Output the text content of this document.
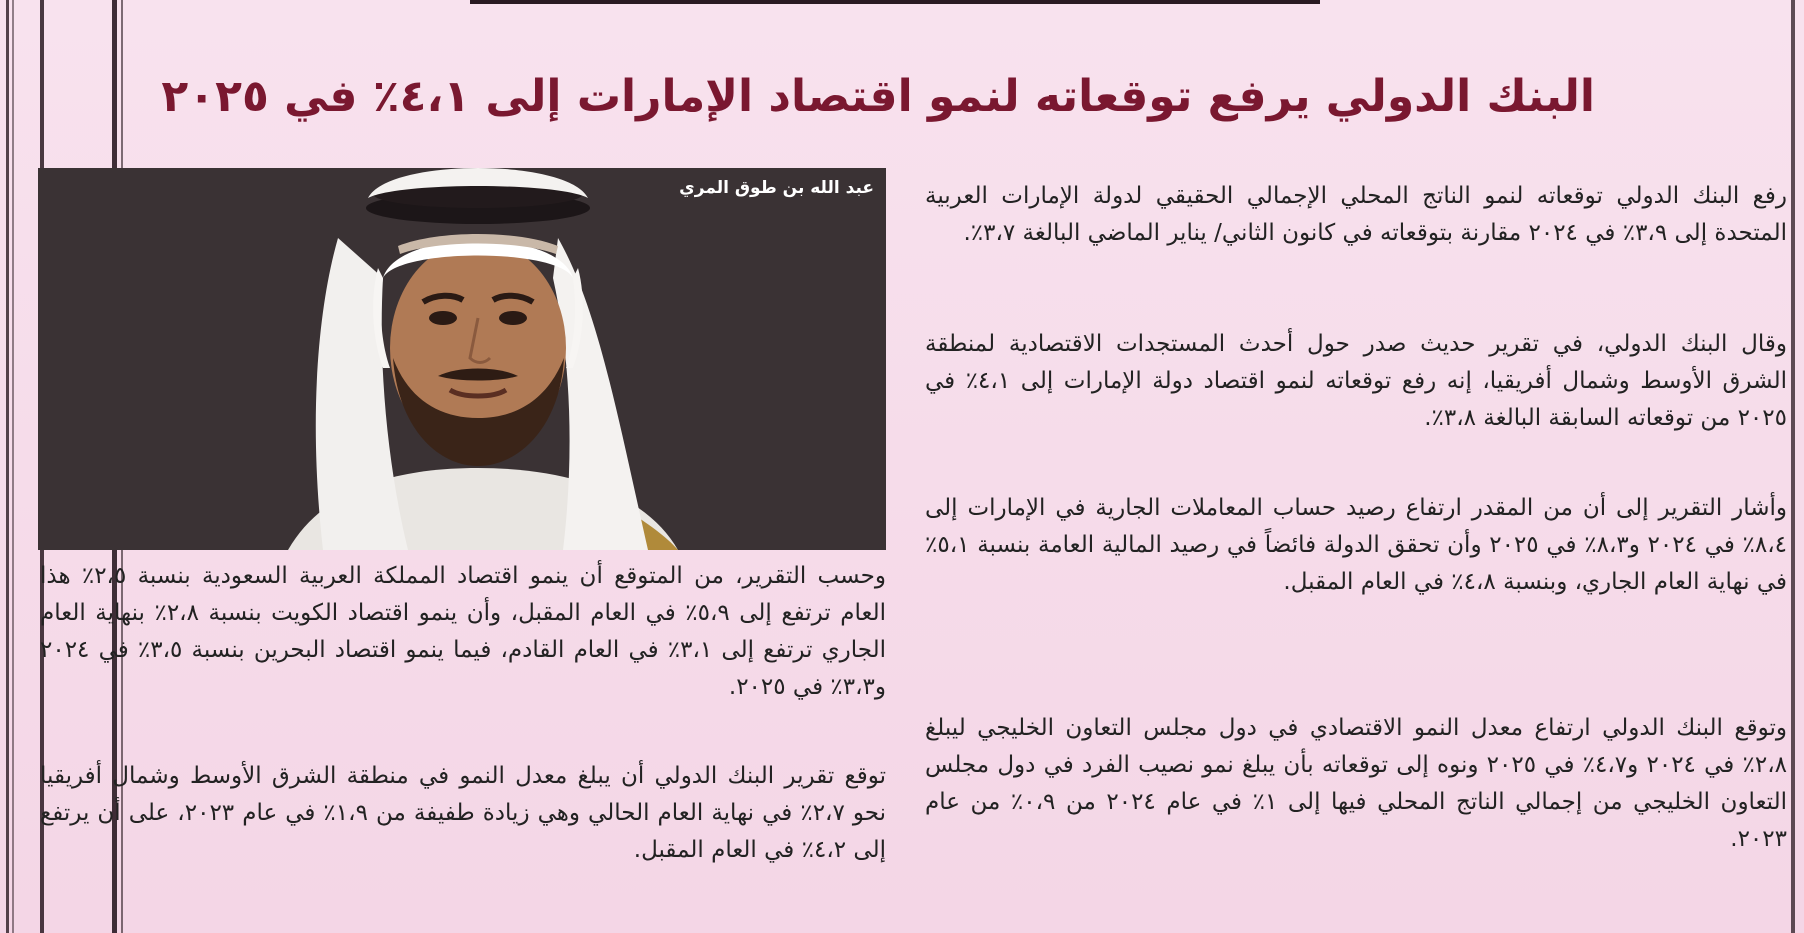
البنك الدولي يرفع توقعاته لنمو اقتصاد الإمارات إلى ٤،١٪ في ٢٠٢٥
عبد الله بن طوق المري رفع البنك الدولي توقعاته لنمو الناتج المحلي الإجمالي الحقيقي لدولة الإمارات العربية المتحدة إلى ٣،٩٪ في ٢٠٢٤ مقارنة بتوقعاته في كانون الثاني/ يناير الماضي البالغة ٣،٧٪.

وقال البنك الدولي، في تقرير حديث صدر حول أحدث المستجدات الاقتصادية لمنطقة الشرق الأوسط وشمال أفريقيا، إنه رفع توقعاته لنمو اقتصاد دولة الإمارات إلى ٤،١٪ في ٢٠٢٥ من توقعاته السابقة البالغة ٣،٨٪.

وأشار التقرير إلى أن من المقدر ارتفاع رصيد حساب المعاملات الجارية في الإمارات إلى ٨،٤٪ في ٢٠٢٤ و٨،٣٪ في ٢٠٢٥ وأن تحقق الدولة فائضاً في رصيد المالية العامة بنسبة ٥،١٪ في نهاية العام الجاري، وبنسبة ٤،٨٪ في العام المقبل.

وتوقع البنك الدولي ارتفاع معدل النمو الاقتصادي في دول مجلس التعاون الخليجي ليبلغ ٢،٨٪ في ٢٠٢٤ و٤،٧٪ في ٢٠٢٥ ونوه إلى توقعاته بأن يبلغ نمو نصيب الفرد في دول مجلس التعاون الخليجي من إجمالي الناتج المحلي فيها إلى ١٪ في عام ٢٠٢٤ من ٠،٩٪ من عام ٢٠٢٣.

وحسب التقرير، من المتوقع أن ينمو اقتصاد المملكة العربية السعودية بنسبة ٢،٥٪ هذا العام ترتفع إلى ٥،٩٪ في العام المقبل، وأن ينمو اقتصاد الكويت بنسبة ٢،٨٪ بنهاية العام الجاري ترتفع إلى ٣،١٪ في العام القادم، فيما ينمو اقتصاد البحرين بنسبة ٣،٥٪ في ٢٠٢٤ و٣،٣٪ في ٢٠٢٥.

توقع تقرير البنك الدولي أن يبلغ معدل النمو في منطقة الشرق الأوسط وشمال أفريقيا نحو ٢،٧٪ في نهاية العام الحالي وهي زيادة طفيفة من ١،٩٪ في عام ٢٠٢٣، على أن يرتفع إلى ٤،٢٪ في العام المقبل.
